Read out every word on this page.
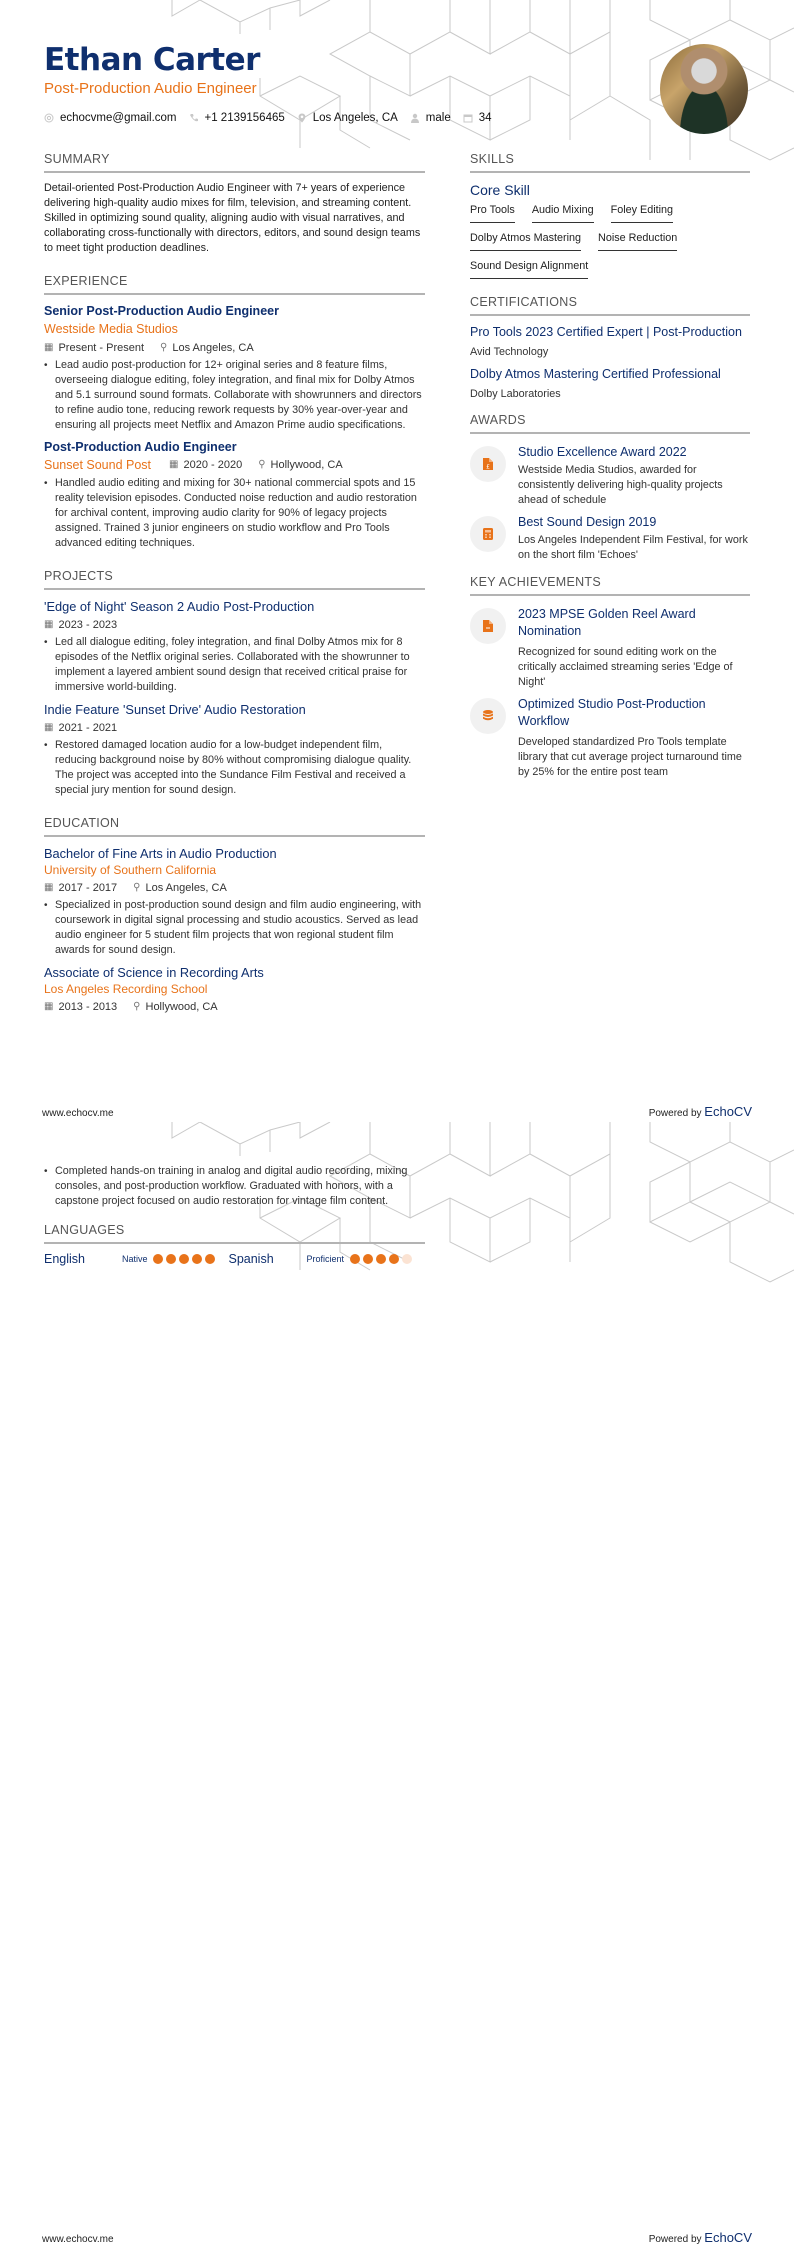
Ethan Carter
Post-Production Audio Engineer
echocvme@gmail.com +1 2139156465 Los Angeles, CA male 34
SUMMARY

Detail-oriented Post-Production Audio Engineer with 7+ years of experience delivering high-quality audio mixes for film, television, and streaming content. Skilled in optimizing sound quality, aligning audio with visual narratives, and collaborating cross-functionally with directors, editors, and sound design teams to meet tight production deadlines.

EXPERIENCE
Senior Post-Production Audio Engineer
Westside Media Studios
▦ Present - Present ⚲ Los Angeles, CA
• Lead audio post-production for 12+ original series and 8 feature films, overseeing dialogue editing, foley integration, and final mix for Dolby Atmos and 5.1 surround sound formats. Collaborate with showrunners and directors to refine audio tone, reducing rework requests by 30% year-over-year and ensuring all projects meet Netflix and Amazon Prime audio specifications.
Post-Production Audio Engineer
Sunset Sound Post ▦ 2020 - 2020 ⚲ Hollywood, CA
• Handled audio editing and mixing for 30+ national commercial spots and 15 reality television episodes. Conducted noise reduction and audio restoration for archival content, improving audio clarity for 90% of legacy projects assigned. Trained 3 junior engineers on studio workflow and Pro Tools advanced editing techniques.
PROJECTS
'Edge of Night' Season 2 Audio Post-Production
▦ 2023 - 2023
• Led all dialogue editing, foley integration, and final Dolby Atmos mix for 8 episodes of the Netflix original series. Collaborated with the showrunner to implement a layered ambient sound design that received critical praise for immersive world-building.
Indie Feature 'Sunset Drive' Audio Restoration
▦ 2021 - 2021
• Restored damaged location audio for a low-budget independent film, reducing background noise by 80% without compromising dialogue quality. The project was accepted into the Sundance Film Festival and received a special jury mention for sound design.
EDUCATION
Bachelor of Fine Arts in Audio Production
University of Southern California
▦ 2017 - 2017 ⚲ Los Angeles, CA
• Specialized in post-production sound design and film audio engineering, with coursework in digital signal processing and studio acoustics. Served as lead audio engineer for 5 student film projects that won regional student film awards for sound design.
Associate of Science in Recording Arts
Los Angeles Recording School
▦ 2013 - 2013 ⚲ Hollywood, CA
SKILLS
Core Skill
Pro Tools Audio Mixing Foley Editing
Dolby Atmos Mastering Noise Reduction
Sound Design Alignment
CERTIFICATIONS
Pro Tools 2023 Certified Expert | Post-Production
Avid Technology
Dolby Atmos Mastering Certified Professional
Dolby Laboratories
AWARDS
£
Studio Excellence Award 2022
Westside Media Studios, awarded for consistently delivering high-quality projects ahead of schedule
Best Sound Design 2019
Los Angeles Independent Film Festival, for work on the short film 'Echoes'
KEY ACHIEVEMENTS
2023 MPSE Golden Reel Award Nomination
Recognized for sound editing work on the critically acclaimed streaming series 'Edge of Night'
Optimized Studio Post-Production Workflow
Developed standardized Pro Tools template library that cut average project turnaround time by 25% for the entire post team
www.echocv.me	Powered by EchoCV
• Completed hands-on training in analog and digital audio recording, mixing consoles, and post-production workflow. Graduated with honors, with a capstone project focused on audio restoration for vintage film content.
LANGUAGES
English	Native	Spanish	Proficient
www.echocv.me	Powered by EchoCV
